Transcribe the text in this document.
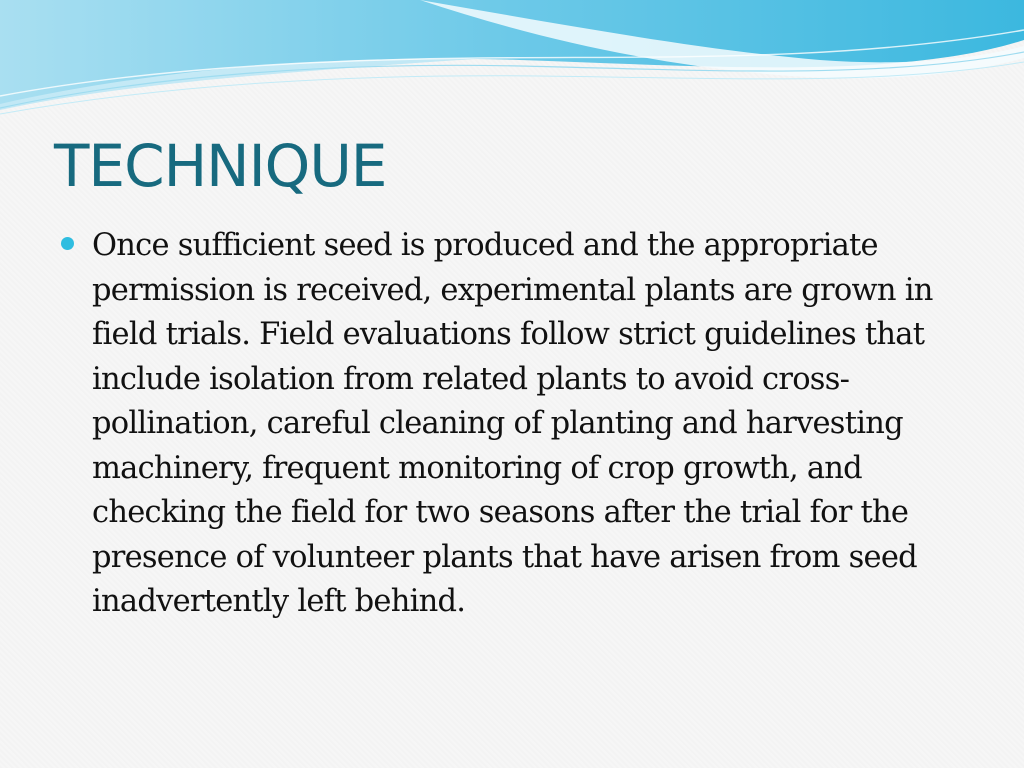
TECHNIQUE
Once sufficient seed is produced and the appropriate permission is received, experimental plants are grown in field trials. Field evaluations follow strict guidelines that include isolation from related plants to avoid cross-pollination, careful cleaning of planting and harvesting machinery, frequent monitoring of crop growth, and checking the field for two seasons after the trial for the presence of volunteer plants that have arisen from seed inadvertently left behind.
